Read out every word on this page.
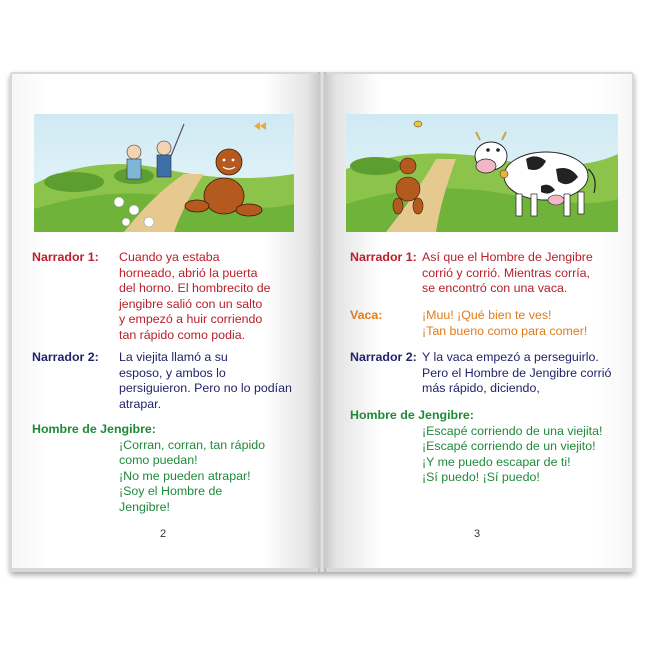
Narrador 1: Cuando ya estaba
horneado, abrió la puerta
del horno. El hombrecito de
jengibre salió con un salto
y empezó a huir corriendo
tan rápido como podia.
Narrador 2: La viejita llamó a su
esposo, y ambos lo
persiguieron. Pero no lo podían
atrapar.
Hombre de Jengibre:
¡Corran, corran, tan rápido
como puedan!
¡No me pueden atrapar!
¡Soy el Hombre de
Jengibre!
2
Narrador 1: Así que el Hombre de Jengibre
corrió y corrió. Mientras corría,
se encontró con una vaca.
Vaca:	¡Muu! ¡Qué bien te ves!
¡Tan bueno como para comer!
Narrador 2: Y la vaca empezó a perseguirlo.
Pero el Hombre de Jengibre corrió
más rápido, diciendo,
Hombre de Jengibre:
¡Escapé corriendo de una viejita!
¡Escapé corriendo de un viejito!
¡Y me puedo escapar de ti!
¡Sí puedo! ¡Sí puedo!
3
